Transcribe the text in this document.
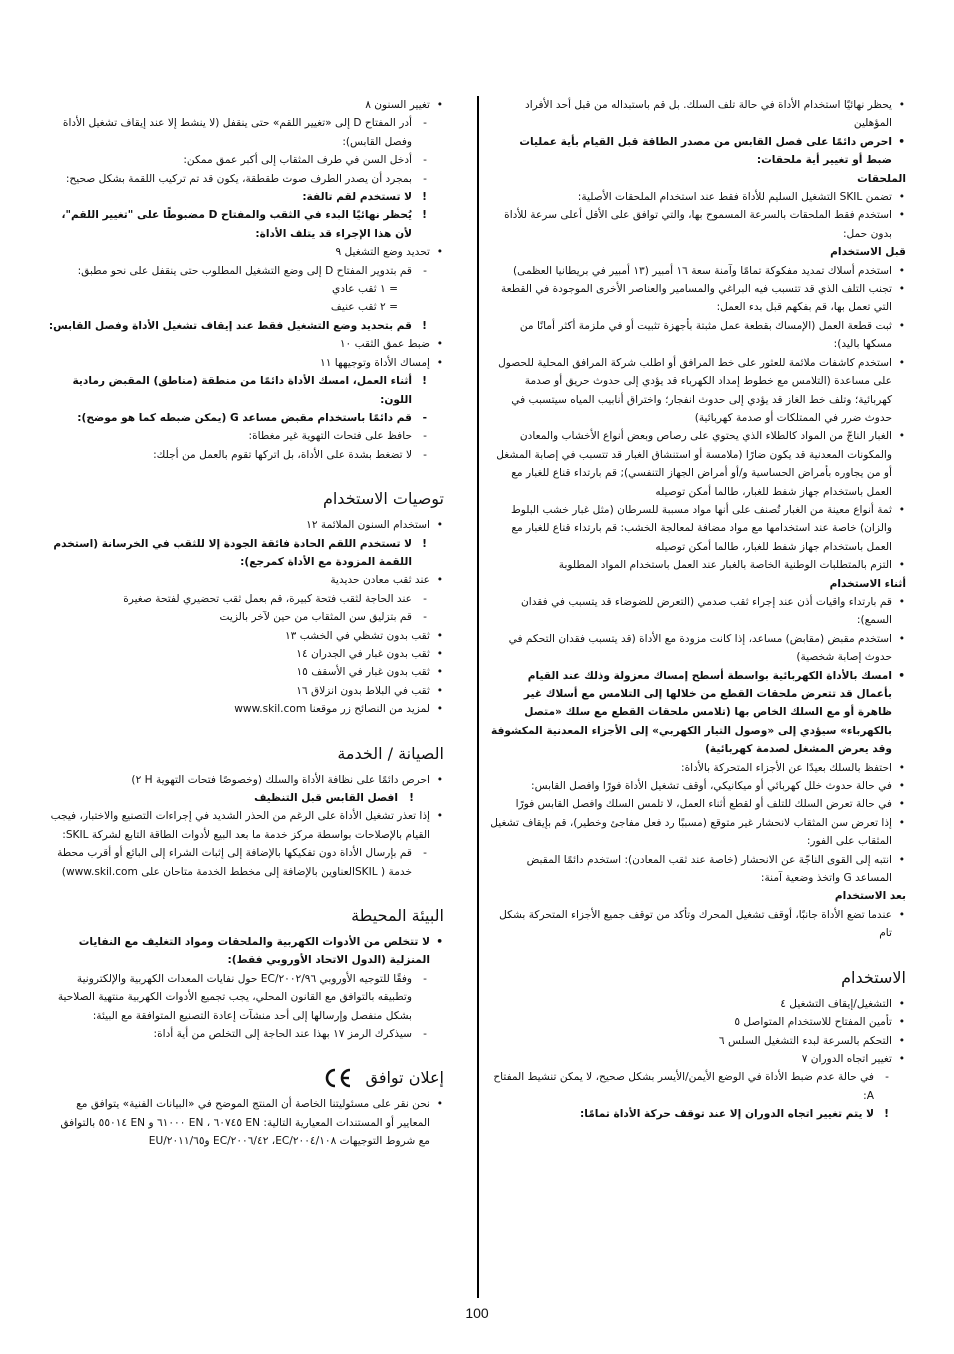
• يحظر نهائيًا استخدام الأداة في حالة تلف السلك. بل قم باستبداله من قبل أحد الأفراد المؤهلين
• احرص دائمًا على فصل القابس من مصدر الطاقة قبل القيام بأية عمليات ضبط أو تغيير أية ملحقات:

الملحقات

• تضمن SKIL التشغيل السليم للأداة فقط عند استخدام الملحقات الأصلية:
• استخدم فقط الملحقات بالسرعة المسموح بها، والتي توافق على الأقل أعلى سرعة للأداة بدون حمل:

قبل الاستخدام

• استخدم أسلاك تمديد مفكوكة تمامًا وآمنة سعة ١٦ أمبير (١٣ أمبير في بريطانيا العظمى)
• تجنب التلف الذي قد تتسبب فيه البراغي والمسامير والعناصر الأخرى الموجودة في القطعة التي تعمل بها، قم بفكهم قبل بدء العمل:
• ثبت قطعة العمل (الإمساك بقطعة عمل مثبتة بأجهزة تثبيت أو في ملزمة أكثر أمانًا من مسكها باليد):
• استخدم كاشفات ملائمة للعثور على خط المرافق أو اطلب شركة المرافق المحلية للحصول على مساعدة (التلامس مع خطوط إمداد الكهرباء قد يؤدي إلى حدوث حريق أو صدمة كهربائية؛ وتلف خط الغاز قد يؤدي إلى حدوث انفجار؛ واختراق أنابيب المياه سيتسبب في حدوث ضرر في الممتلكات أو صدمة كهربائية)
• الغبار الناجّ من المواد كالطلاء الذي يحتوي على رصاص وبعض أنواع الأخشاب والمعادن والمكونات المعدنية قد يكون ضارًا (ملامسة أو استنشاق الغبار قد تتسبب في إصابة المشغل أو من يجاوره بأمراض الحساسية و/أو أمراض الجهاز التنفسي); قم بارتداء قناع للغبار مع العمل باستخدام جهاز شفط للغبار، طالما أمكن توصيله
• ثمة أنواع معينة من الغبار تُصنف على أنها مواد مسببة للسرطان (مثل غبار خشب البلوط والزان) خاصة عند استخدامها مع مواد مضافة لمعالجة الخشب: قم بارتداء قناع للغبار مع العمل باستخدام جهاز شفط للغبار، طالما أمكن توصيله
• التزم بالمتطلبات الوطنية الخاصة بالغبار عند العمل باستخدام المواد المطلوبة

أثناء الاستخدام

• قم بارتداء واقيات أذن عند إجراء ثقب صدمي (التعرض للضوضاء قد يتسبب في فقدان السمع):
• استخدم مقبض (مقابض) مساعد، إذا كانت مزودة مع الأداة (قد يتسبب فقدان التحكم في حدوث إصابة شخصية)
• امسك بالأداة الكهربائية بواسطة أسطح إمساك معزولة وذلك عند القيام بأعمال قد تتعرض ملحقات القطع من خلالها إلى التلامس مع أسلاك غير ظاهرة أو مع السلك الخاص بها (تلامس ملحقات القطع مع سلك «متصل بالكهرباء» سيؤدي إلى «وصول التيار الكهربي» إلى الأجزاء المعدنية المكشوفة وقد يعرض المشغل لصدمة كهربائية)
• احتفظ بالسلك بعيدًا عن الأجزاء المتحركة بالأداة:
• في حالة حدوث خلل كهربائي أو ميكانيكي، أوقف تشغيل الأداة فورًا وافصل القابس:
• في حالة تعرض السلك للتلف أو لقطع أثناء العمل، لا تلمس السلك وافصل القابس فورًا
• إذا تعرض سن المثقاب لانحشار غير متوقع (مسببًا رد فعل مفاجئ وخطير)، قم بإيقاف تشغيل المثقاب على الفور:
• انتبه إلى القوى الناجّة عن الانحشار (خاصة عند ثقب المعادن): استخدم دائمًا المقبض المساعد G واتخذ وضعية آمنة:

بعد الاستخدام

• عندما تضع الأداة جانبًا، أوقف تشغيل المحرك وتأكد من توقف جميع الأجزاء المتحركة بشكل تام
الاستخدام
• التشغيل/إيقاف التشغيل ٤
• تأمين المفتاح للاستخدام المتواصل ٥
• التحكم بالسرعة لبدء التشغيل السلس ٦
• تغيير اتجاه الدوران ٧
- في حالة عدم ضبط الأداة في الوضع الأيمن/الأيسر بشكل صحيح، لا يمكن تنشيط المفتاح A:
! لا يتم تغيير اتجاه الدوران إلا عند توقف حركة الأداة تمامًا:
• تغيير السنون ٨
- أدر المفتاح D إلى «تغيير اللقم» حتى ينقفل (لا ينشط إلا عند إيقاف تشغيل الأداة وفصل القابس):
- أدخل السن في طرف المثقاب إلى أكبر عمق ممكن:
- بمجرد أن يصدر الطرف صوت طقطقة، يكون قد تم تركيب اللقمة بشكل صحيح:
! لا تستخدم لقم تالفة:
! يُحظر نهائيًا البدء في الثقب والمفتاح D مضبوطًا على "تغيير اللقم"، لأن هذا الإجراء قد يتلف الأداة:
• تحديد وضع التشغيل ٩
- قم بتدوير المفتاح D إلى وضع التشغيل المطلوب حتى ينقفل على نحو مطبق:
= ١ ثقب عادي
= ٢ ثقب عنيف
! قم بتحديد وضع التشغيل فقط عند إيقاف تشغيل الأداة وفصل القابس:
• ضبط عمق الثقب ١٠
• إمساك الأداة وتوجيهها ١١
! أثناء العمل، امسك الأداة دائمًا من منطقة (مناطق) المقبض رمادية اللون:
- قم دائمًا باستخدام مقبض مساعد G (يمكن ضبطه كما هو موضح):
- حافظ على فتحات التهوية غير مغطاة:
- لا تضغط بشدة على الأداة، بل اتركها تقوم بالعمل من أجلك:
توصيات الاستخدام
• استخدام السنون الملائمة ١٢
! لا تستخدم اللقم الحادة فائقة الجودة إلا للثقب في الخرسانة (استخدم اللقمة المزودة مع الأداة كمرجع):
• عند ثقب معادن حديدية
- عند الحاجة لثقب فتحة كبيرة، قم بعمل ثقب تحضيري لفتحة صغيرة
- قم بتزليق سن المثقاب من حين لآخر بالزيت
• ثقب بدون تشظي في الخشب ١٣
• ثقب بدون غبار في الجدران ١٤
• ثقب بدون غبار في الأسقف ١٥
• ثقب في البلاط بدون انزلاق ١٦
• لمزيد من النصائح زر موقعنا www.skil.com
الصيانة / الخدمة
• احرص دائمًا على نظافة الأداة والسلك (وخصوصًا فتحات التهوية H ٢)
! افصل القابس قبل التنظيف
• إذا تعذر تشغيل الأداة على الرغم من الحذر الشديد في إجراءات التصنيع والاختبار، فيجب القيام بالإصلاحات بواسطة مركز خدمة ما بعد البيع لأدوات الطاقة التابع لشركة SKIL:
- قم بإرسال الأداة دون تفكيكها بالإضافة إلى إثبات الشراء إلى البائع أو أقرب محطة خدمة ( SKILالعناوين بالإضافة إلى مخطط الخدمة متاحان على www.skil.com)
البيئة المحيطة
• لا تتخلص من الأدوات الكهربية والملحقات ومواد التغليف مع النفايات المنزلية (الدول الاتحاد الأوروبي فقط):
- وفقًا للتوجيه الأوروبي ٢٠٠٢/٩٦/EC حول نفايات المعدات الكهربية والإلكترونية وتطبيقه بالتوافق مع القانون المحلي، يجب تجميع الأدوات الكهربية منتهية الصلاحية بشكل منفصل وإرسالها إلى أحد منشآت إعادة التصنيع المتوافقة مع البيئة:
- سيذكرك الرمز ١٧ بهذا عند الحاجة إلى التخلص من أية أداة:
إعلان توافق
• نحن نقر على مسئوليتنا الخاصة أن المنتج الموضح في «البيانات الفنية» يتوافق مع المعايير أو المستندات المعيارية التالية: EN ٦٠٧٤٥ ، EN ٦١٠٠٠ و EN ٥٥٠١٤ بالتوافق مع شروط التوجيهات ٢٠٠٤/١٠٨/EC، ٢٠٠٦/٤٢/EC و٢٠١١/٦٥/EU
100
